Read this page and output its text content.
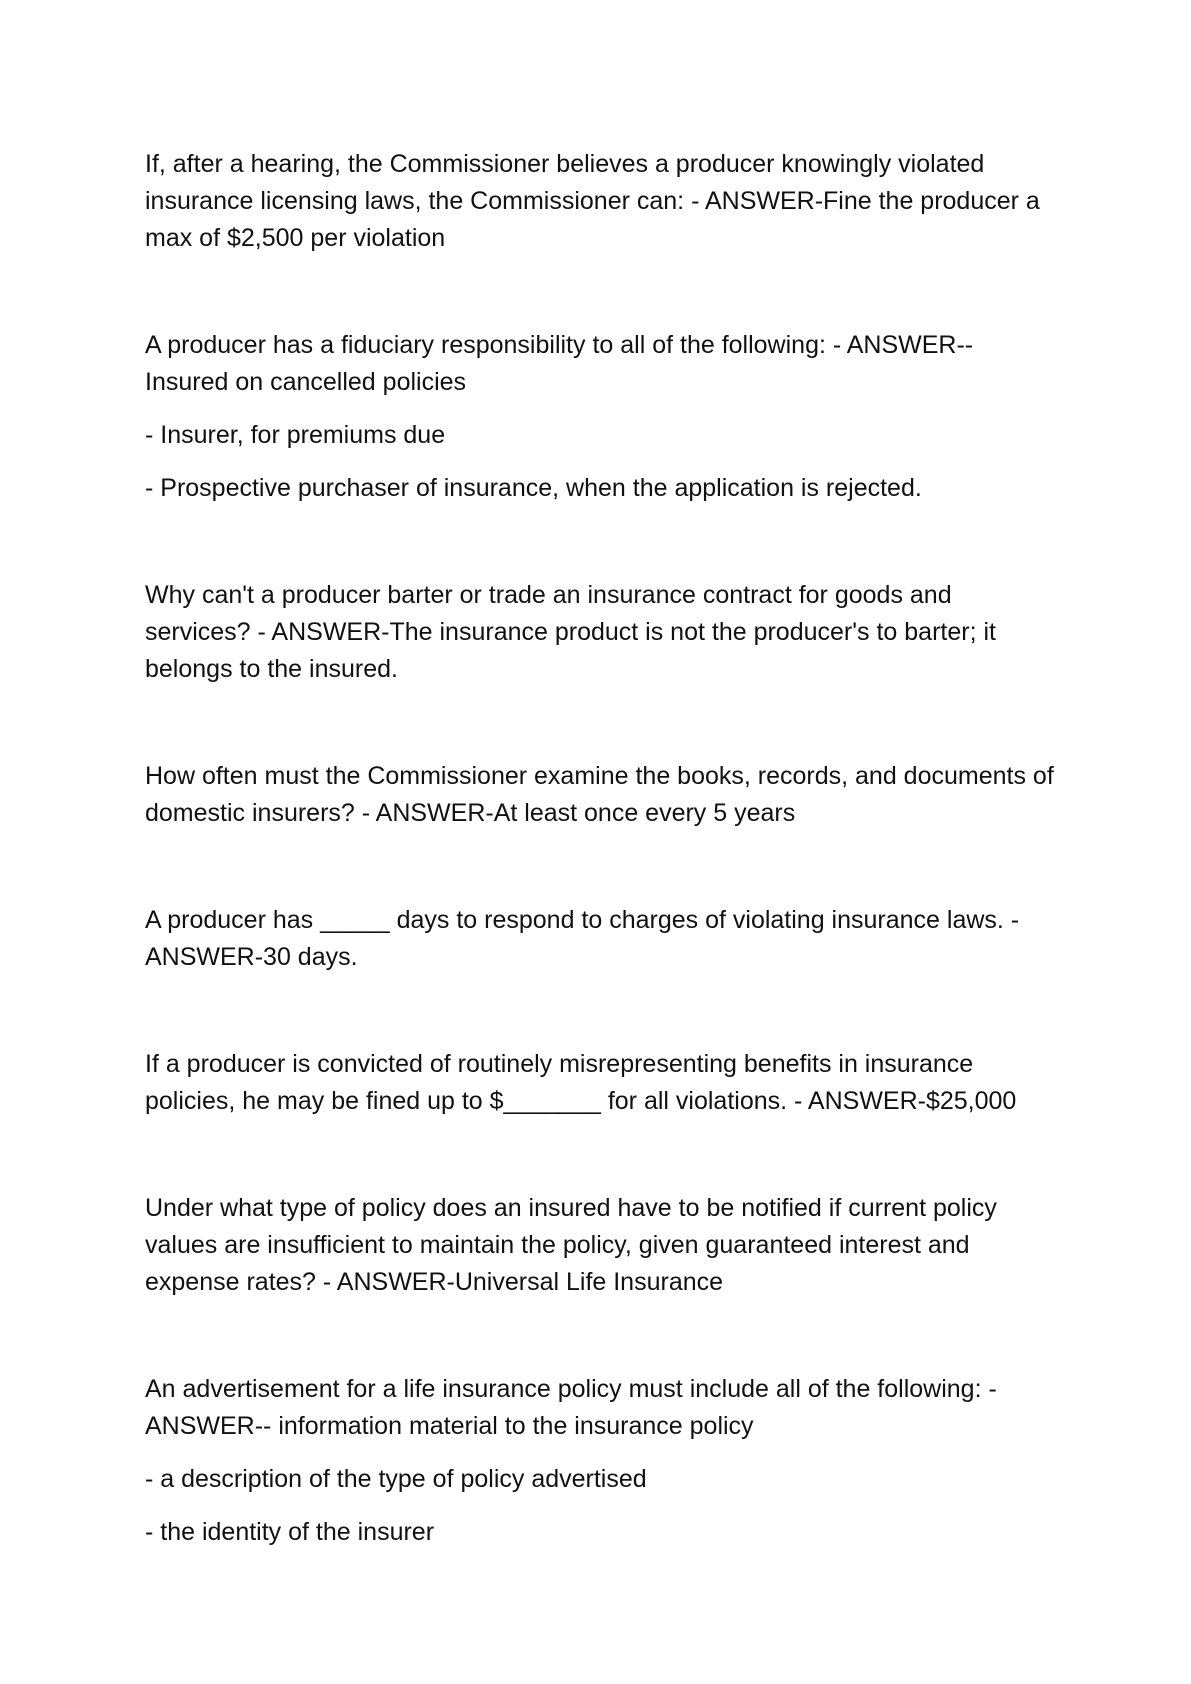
If, after a hearing, the Commissioner believes a producer knowingly violated insurance licensing laws, the Commissioner can: - ANSWER-Fine the producer a max of $2,500 per violation

A producer has a fiduciary responsibility to all of the following: - ANSWER-- Insured on cancelled policies

- Insurer, for premiums due

- Prospective purchaser of insurance, when the application is rejected.

Why can't a producer barter or trade an insurance contract for goods and services? - ANSWER-The insurance product is not the producer's to barter; it belongs to the insured.

How often must the Commissioner examine the books, records, and documents of domestic insurers? - ANSWER-At least once every 5 years

A producer has _____ days to respond to charges of violating insurance laws. - ANSWER-30 days.

If a producer is convicted of routinely misrepresenting benefits in insurance policies, he may be fined up to $_______ for all violations. - ANSWER-$25,000

Under what type of policy does an insured have to be notified if current policy values are insufficient to maintain the policy, given guaranteed interest and expense rates? - ANSWER-Universal Life Insurance

An advertisement for a life insurance policy must include all of the following: - ANSWER-- information material to the insurance policy

- a description of the type of policy advertised

- the identity of the insurer
